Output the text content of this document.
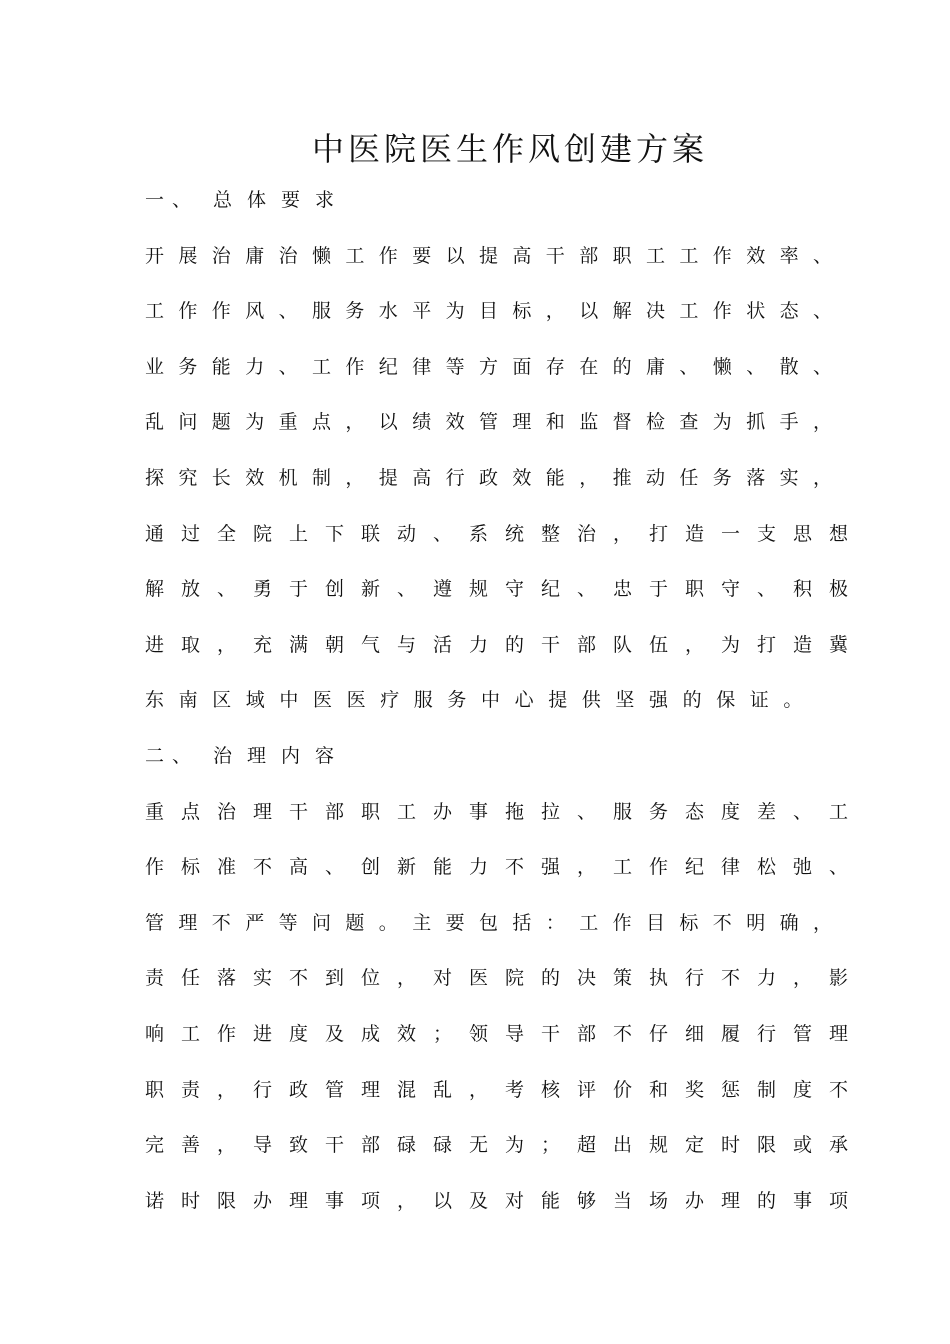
中医院医生作风创建方案
一、 总体要求
开展治庸治懒工作要以提高干部职工工作效率、
工作作风、服务水平为目标，以解决工作状态、
业务能力、工作纪律等方面存在的庸、懒、散、
乱问题为重点，以绩效管理和监督检查为抓手，
探究长效机制，提高行政效能，推动任务落实，
通过全院上下联动、系统整治，打造一支思想
解放、勇于创新、遵规守纪、忠于职守、积极
进取，充满朝气与活力的干部队伍，为打造冀
东南区域中医医疗服务中心提供坚强的保证。
二、 治理内容
重点治理干部职工办事拖拉、服务态度差、工
作标准不高、创新能力不强，工作纪律松弛、
管理不严等问题。主要包括：工作目标不明确，
责任落实不到位，对医院的决策执行不力，影
响工作进度及成效；领导干部不仔细履行管理
职责，行政管理混乱，考核评价和奖惩制度不
完善，导致干部碌碌无为；超出规定时限或承
诺时限办理事项，以及对能够当场办理的事项
